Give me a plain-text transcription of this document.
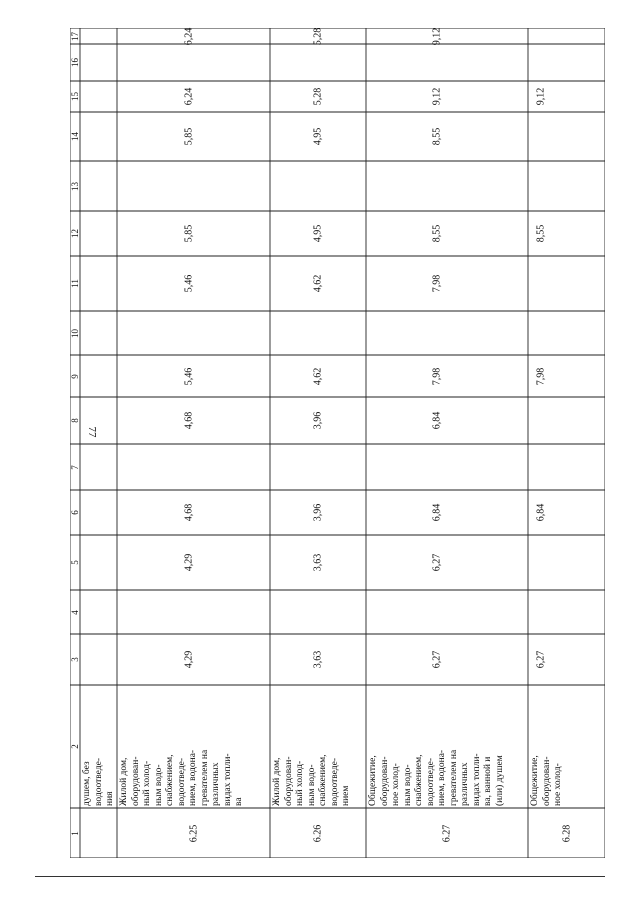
77
1
2
3
4
5
6
7
8
9
10
11
12
13
14
15
16
17
душем, без водоотведе- ния
6.25
Жилой дом, оборудован- ный холод- ным водо- снабжением, водоотведе- нием, водона- гревателем на различных видах топли- ва
4,29
4,29
4,68
4,68
5,46
5,46
5,85
5,85
6,24
6,24
6.26
Жилой дом, оборудован- ный холод- ным водо- снабжением, водоотведе- нием
3,63
3,63
3,96
3,96
4,62
4,62
4,95
4,95
5,28
5,28
6.27
Общежитие, оборудован- ное холод- ным водо- снабжением, водоотведе- нием, водона- гревателем на различных видах топли- ва, ванной и (или) душем
6,27
6,27
6,84
6,84
7,98
7,98
8,55
8,55
9,12
9,12
6.28
Общежитие, оборудован- ное холод-
6,27
6,84
7,98
8,55
9,12
